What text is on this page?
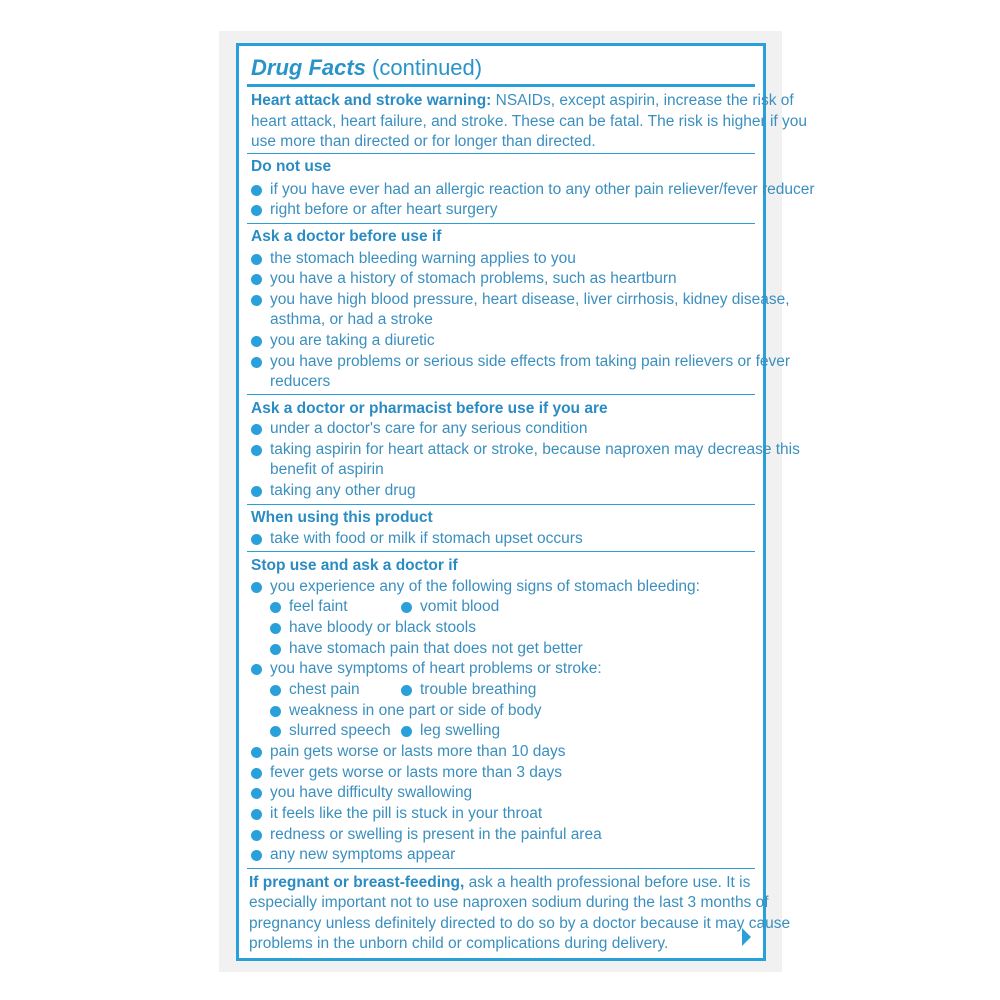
Drug Facts (continued)
Heart attack and stroke warning: NSAIDs, except aspirin, increase the risk of
heart attack, heart failure, and stroke. These can be fatal. The risk is higher if you
use more than directed or for longer than directed.
Do not use
if you have ever had an allergic reaction to any other pain reliever/fever reducer
right before or after heart surgery
Ask a doctor before use if
the stomach bleeding warning applies to you
you have a history of stomach problems, such as heartburn
you have high blood pressure, heart disease, liver cirrhosis, kidney disease,
asthma, or had a stroke
you are taking a diuretic
you have problems or serious side effects from taking pain relievers or fever
reducers
Ask a doctor or pharmacist before use if you are
under a doctor's care for any serious condition
taking aspirin for heart attack or stroke, because naproxen may decrease this
benefit of aspirin
taking any other drug
When using this product
take with food or milk if stomach upset occurs
Stop use and ask a doctor if
you experience any of the following signs of stomach bleeding:
feel faint	vomit blood
have bloody or black stools
have stomach pain that does not get better
you have symptoms of heart problems or stroke:
chest pain	trouble breathing
weakness in one part or side of body
slurred speech leg swelling
pain gets worse or lasts more than 10 days
fever gets worse or lasts more than 3 days
you have difficulty swallowing
it feels like the pill is stuck in your throat
redness or swelling is present in the painful area
any new symptoms appear
If pregnant or breast-feeding, ask a health professional before use. It is
especially important not to use naproxen sodium during the last 3 months of
pregnancy unless definitely directed to do so by a doctor because it may cause
problems in the unborn child or complications during delivery.
